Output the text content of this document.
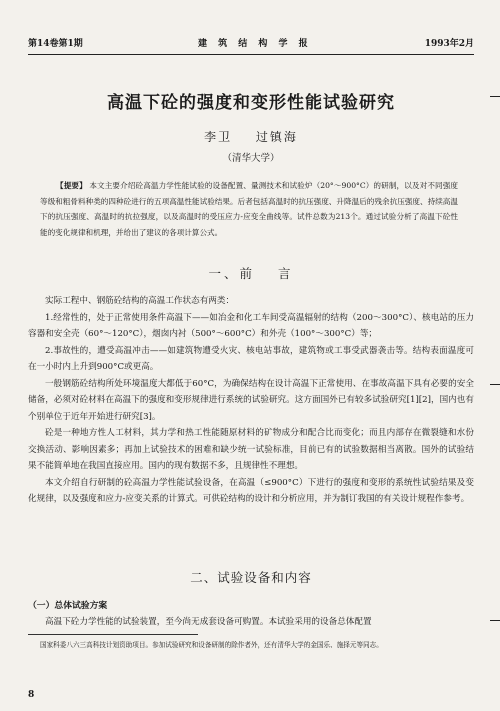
第14卷第1期	建 筑 结 构 学 报	1993年2月
高温下砼的强度和变形性能试验研究
李卫 过镇海
（清华大学）
【提要】 本文主要介绍砼高温力学性能试验的设备配置、量测技术和试验炉（20°～900°C）的研制，以及对不同强度等级和粗骨料种类的四种砼进行的五项高温性能试验结果。后者包括高温时的抗压强度、升降温后的残余抗压强度、持续高温下的抗压强度、高温时的抗拉强度，以及高温时的受压应力-应变全曲线等。试件总数为213个。通过试验分析了高温下砼性能的变化规律和机理，并给出了建议的各项计算公式。
一、前 言

实际工程中、钢筋砼结构的高温工作状态有两类：

1.经常性的，处于正常使用条件高温下——如冶金和化工车间受高温辐射的结构（200～300°C）、核电站的压力容器和安全壳（60°～120°C），烟囱内衬（500°～600°C）和外壳（100°～300°C）等；

2.事故性的，遭受高温冲击——如建筑物遭受火灾、核电站事故，建筑物或工事受武器袭击等。结构表面温度可在一小时内上升到900°C或更高。

一般钢筋砼结构所处环境温度大都低于60°C，为确保结构在设计高温下正常使用、在事故高温下具有必要的安全储备，必须对砼材料在高温下的强度和变形规律进行系统的试验研究。这方面国外已有较多试验研究[1][2]，国内也有个别单位于近年开始进行研究[3]。

砼是一种地方性人工材料，其力学和热工性能随原材料的矿物成分和配合比而变化；而且内部存在微裂缝和水份交换活动、影响因素多；再加上试验技术的困难和缺少统一试验标准，目前已有的试验数据相当离散。国外的试验结果不能简单地在我国直接应用。国内的现有数据不多，且规律性不理想。

本文介绍自行研制的砼高温力学性能试验设备，在高温（≤900°C）下进行的强度和变形的系统性试验结果及变化规律，以及强度和应力-应变关系的计算式。可供砼结构的设计和分析应用，并为制订我国的有关设计规程作参考。

二、试验设备和内容
（一）总体试验方案

高温下砼力学性能的试验装置，至今尚无成套设备可购置。本试验采用的设备总体配置

国家科委八六三高科技计划资助项目。参加试验研究和设备研制的除作者外，还有清华大学的金国乐、施择元等同志。
8
